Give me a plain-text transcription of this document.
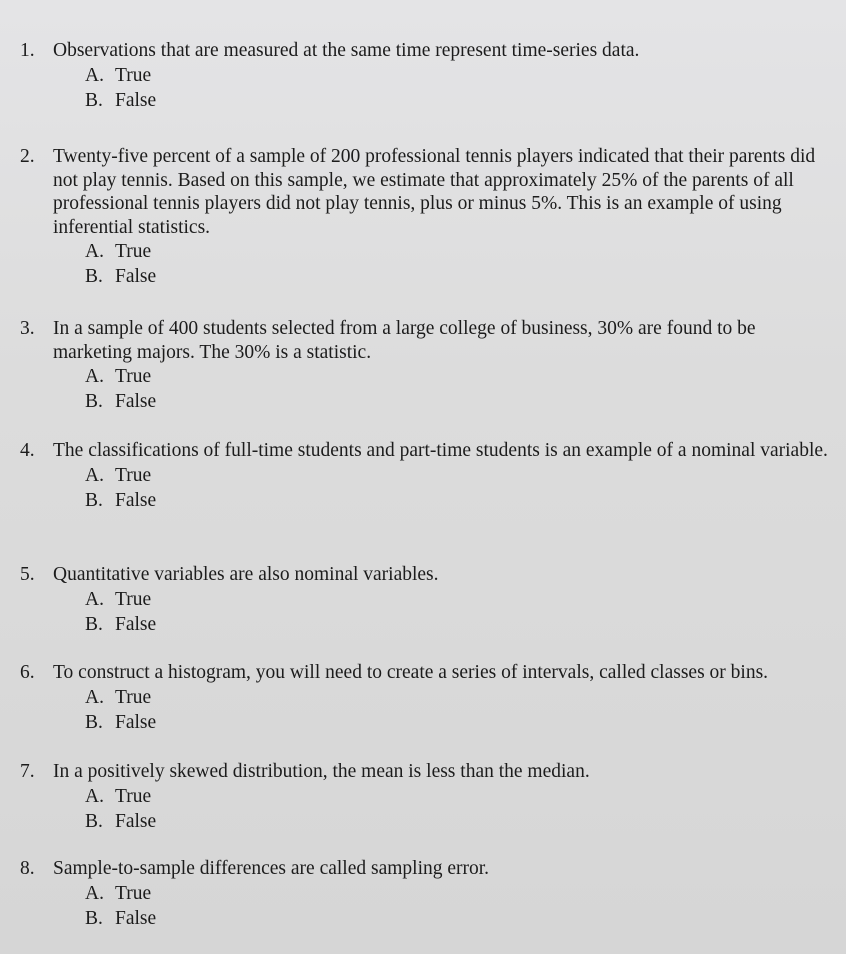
1. Observations that are measured at the same time represent time-series data.
A. True
B. False
2. Twenty-five percent of a sample of 200 professional tennis players indicated that their parents did not play tennis. Based on this sample, we estimate that approximately 25% of the parents of all professional tennis players did not play tennis, plus or minus 5%. This is an example of using inferential statistics.
A. True
B. False
3. In a sample of 400 students selected from a large college of business, 30% are found to be marketing majors. The 30% is a statistic.
A. True
B. False
4. The classifications of full-time students and part-time students is an example of a nominal variable.
A. True
B. False
5. Quantitative variables are also nominal variables.
A. True
B. False
6. To construct a histogram, you will need to create a series of intervals, called classes or bins.
A. True
B. False
7. In a positively skewed distribution, the mean is less than the median.
A. True
B. False
8. Sample-to-sample differences are called sampling error.
A. True
B. False
